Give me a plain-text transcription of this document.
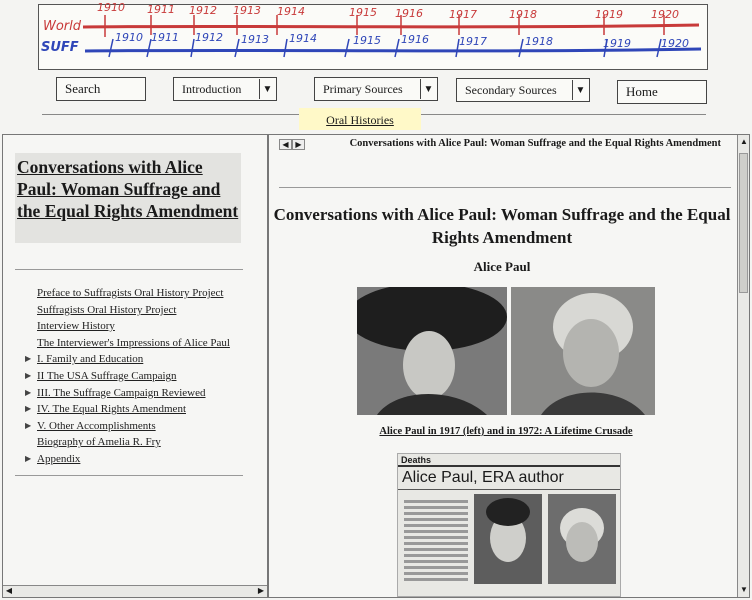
World
SUFF
1910 1911 1912 1913 1914	1915 1916 1917	1918	1919	1920
1910 1911 1912 1913 1914	1915 1916	1917	1918	1919	1920
Search	Introduction	▼	Primary Sources	▼	Secondary Sources	▼	Home
Oral Histories
Conversations with Alice Paul: Woman Suffrage and the Equal Rights Amendment
Preface to Suffragists Oral History Project
Suffragists Oral History Project
Interview History
The Interviewer's Impressions of Alice Paul
▶ I. Family and Education
▶ II The USA Suffrage Campaign
▶ III. The Suffrage Campaign Reviewed
▶ IV. The Equal Rights Amendment
▶ V. Other Accomplishments
Biography of Amelia R. Fry
▶ Appendix
◀	▶
◀ ▶	Conversations with Alice Paul: Woman Suffrage and the Equal Rights Amendment
Conversations with Alice Paul: Woman Suffrage and the Equal Rights Amendment
Alice Paul
Alice Paul in 1917 (left) and in 1972: A Lifetime Crusade
Deaths
Alice Paul, ERA author
▲
▼
